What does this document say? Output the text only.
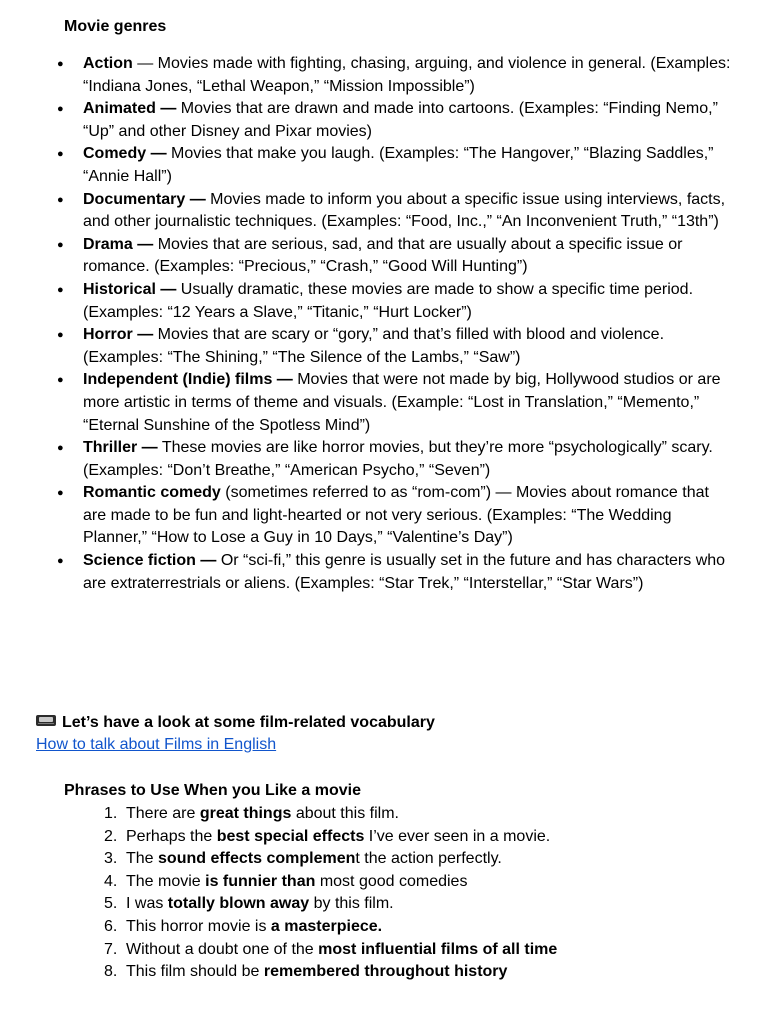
Movie genres
● Action — Movies made with fighting, chasing, arguing, and violence in general. (Examples: “Indiana Jones, “Lethal Weapon,” “Mission Impossible”)
● Animated — Movies that are drawn and made into cartoons. (Examples: “Finding Nemo,” “Up” and other Disney and Pixar movies)
● Comedy — Movies that make you laugh. (Examples: “The Hangover,” “Blazing Saddles,” “Annie Hall”)
● Documentary — Movies made to inform you about a specific issue using interviews, facts, and other journalistic techniques. (Examples: “Food, Inc.,” “An Inconvenient Truth,” “13th”)
● Drama — Movies that are serious, sad, and that are usually about a specific issue or romance. (Examples: “Precious,” “Crash,” “Good Will Hunting”)
● Historical — Usually dramatic, these movies are made to show a specific time period. (Examples: “12 Years a Slave,” “Titanic,” “Hurt Locker”)
● Horror — Movies that are scary or “gory,” and that’s filled with blood and violence. (Examples: “The Shining,” “The Silence of the Lambs,” “Saw”)
● Independent (Indie) films — Movies that were not made by big, Hollywood studios or are more artistic in terms of theme and visuals. (Example: “Lost in Translation,” “Memento,” “Eternal Sunshine of the Spotless Mind”)
● Thriller — These movies are like horror movies, but they’re more “psychologically” scary. (Examples: “Don’t Breathe,” “American Psycho,” “Seven”)
● Romantic comedy (sometimes referred to as “rom-com”) — Movies about romance that are made to be fun and light-hearted or not very serious. (Examples: “The Wedding Planner,” “How to Lose a Guy in 10 Days,” “Valentine’s Day”)
● Science fiction — Or “sci-fi,” this genre is usually set in the future and has characters who are extraterrestrials or aliens. (Examples: “Star Trek,” “Interstellar,” “Star Wars”)
Let’s have a look at some film-related vocabulary
How to talk about Films in English
Phrases to Use When you Like a movie
1. There are great things about this film.
2. Perhaps the best special effects I’ve ever seen in a movie.
3. The sound effects complement the action perfectly.
4. The movie is funnier than most good comedies
5. I was totally blown away by this film.
6. This horror movie is a masterpiece.
7. Without a doubt one of the most influential films of all time
8. This film should be remembered throughout history
